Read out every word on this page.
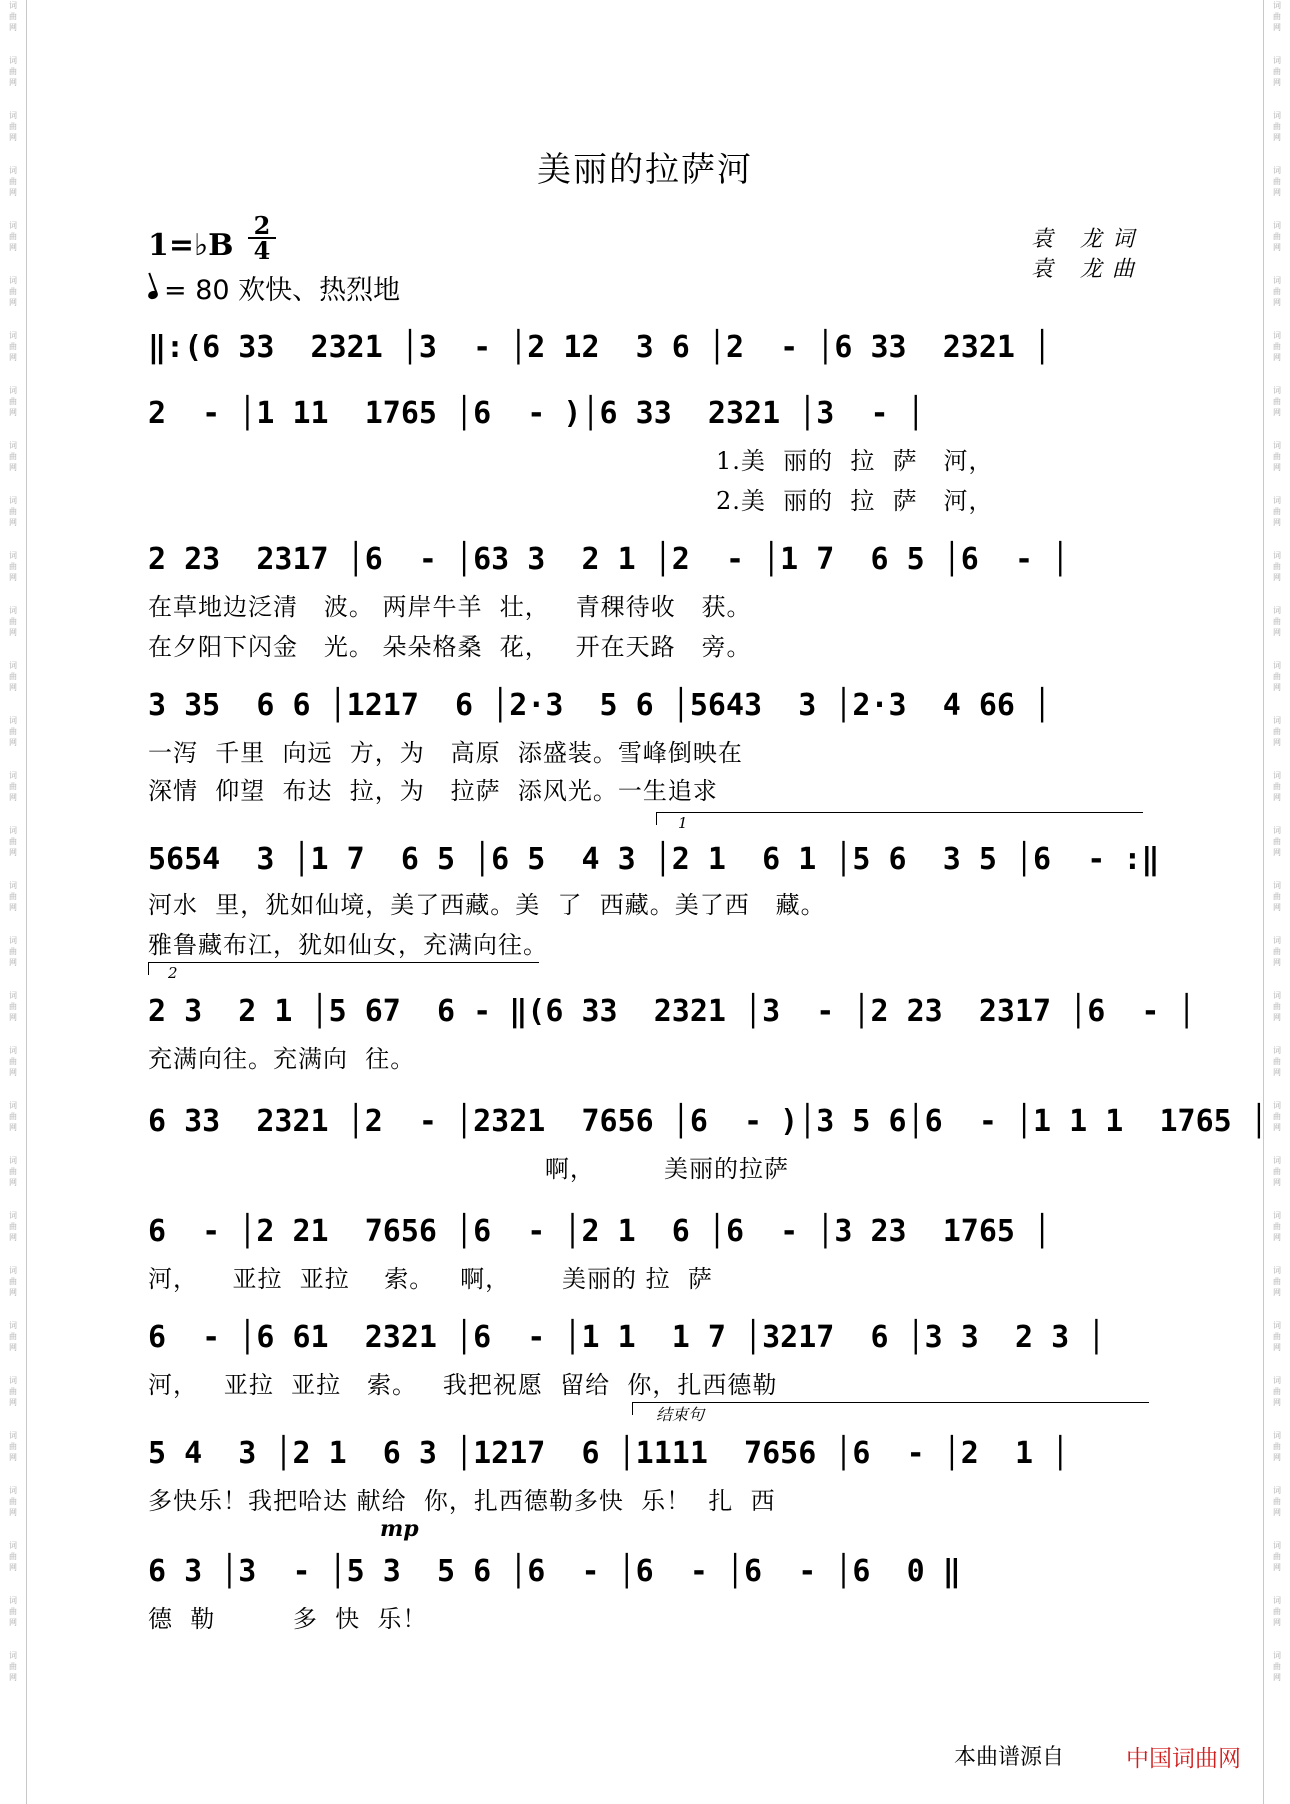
词
曲
网
词
曲
网
词
曲
网
词
曲
网
词
曲
网
词
曲
网
词
曲
网
词
曲
网
词
曲
网
词
曲
网
词
曲
网
词
曲
网
词
曲
网
词
曲
网
词
曲
网
词
曲
网
词
曲
网
词
曲
网
词
曲
网
词
曲
网
词
曲
网
词
曲
网
词
曲
网
词
曲
网
词
曲
网
词
曲
网
词
曲
网
词
曲
网
词
曲
网
词
曲
网
词
曲
网
词
曲
网
词
曲
网
词
曲
网
词
曲
网
词
曲
网
词
曲
网
词
曲
网
词
曲
网
词
曲
网
词
曲
网
词
曲
网
词
曲
网
词
曲
网
词
曲
网
词
曲
网
词
曲
网
词
曲
网
词
曲
网
词
曲
网
词
曲
网
词
曲
网
词
曲
网
词
曲
网
词
曲
网
词
曲
网
词
曲
网
词
曲
网
词
曲
网
词
曲
网
词
曲
网
词
曲
网
美丽的拉萨河
1=♭B
2
4
= 80 欢快、热烈地
袁 龙词
袁 龙曲
‖:(6 33  2321 │3  - │2 12  3 6 │2  - │6 33  2321 │
2  - │1 11  1765 │6  - )│6 33  2321 │3  - │
1.美  丽的  拉  萨   河，
2.美  丽的  拉  萨   河，
2 23  2317 │6  - │63 3  2 1 │2  - │1 7  6 5 │6  - │
在草地边泛清   波。 两岸牛羊  壮，   青稞待收   获。
在夕阳下闪金   光。 朵朵格桑  花，   开在天路   旁。
3 35  6 6 │1217  6 │2·3  5 6 │5643  3 │2·3  4 66 │
一泻  千里  向远  方，为   高原  添盛装。雪峰倒映在
深情  仰望  布达  拉，为   拉萨  添风光。一生追求
1
5654  3 │1 7  6 5 │6 5  4 3 │2 1  6 1 │5 6  3 5 │6  - :‖
河水  里，犹如仙境，美了西藏。美  了  西藏。美了西   藏。
雅鲁藏布江，犹如仙女，充满向往。
2
2 3  2 1 │5 67  6 - ‖(6 33  2321 │3  - │2 23  2317 │6  - │
充满向往。充满向  往。
6 33  2321 │2  - │2321  7656 │6  - )│3 5 6│6  - │1 1 1  1765 │
啊，        美丽的拉萨
6  - │2 21  7656 │6  - │2 1  6 │6  - │3 23  1765 │
河，    亚拉  亚拉    索。   啊，      美丽的 拉  萨
6  - │6 61  2321 │6  - │1 1  1 7 │3217  6 │3 3  2 3 │
河，   亚拉  亚拉   索。   我把祝愿  留给  你，扎西德勒
结束句
5 4  3 │2 1  6 3 │1217  6 │1111  7656 │6  - │2  1 │
多快乐！我把哈达 献给  你，扎西德勒多快  乐！  扎  西
mp
6 3 │3  - │5 3  5 6 │6  - │6  - │6  - │6  0 ‖
德  勒         多  快  乐！
本曲谱源自	中国词曲网
